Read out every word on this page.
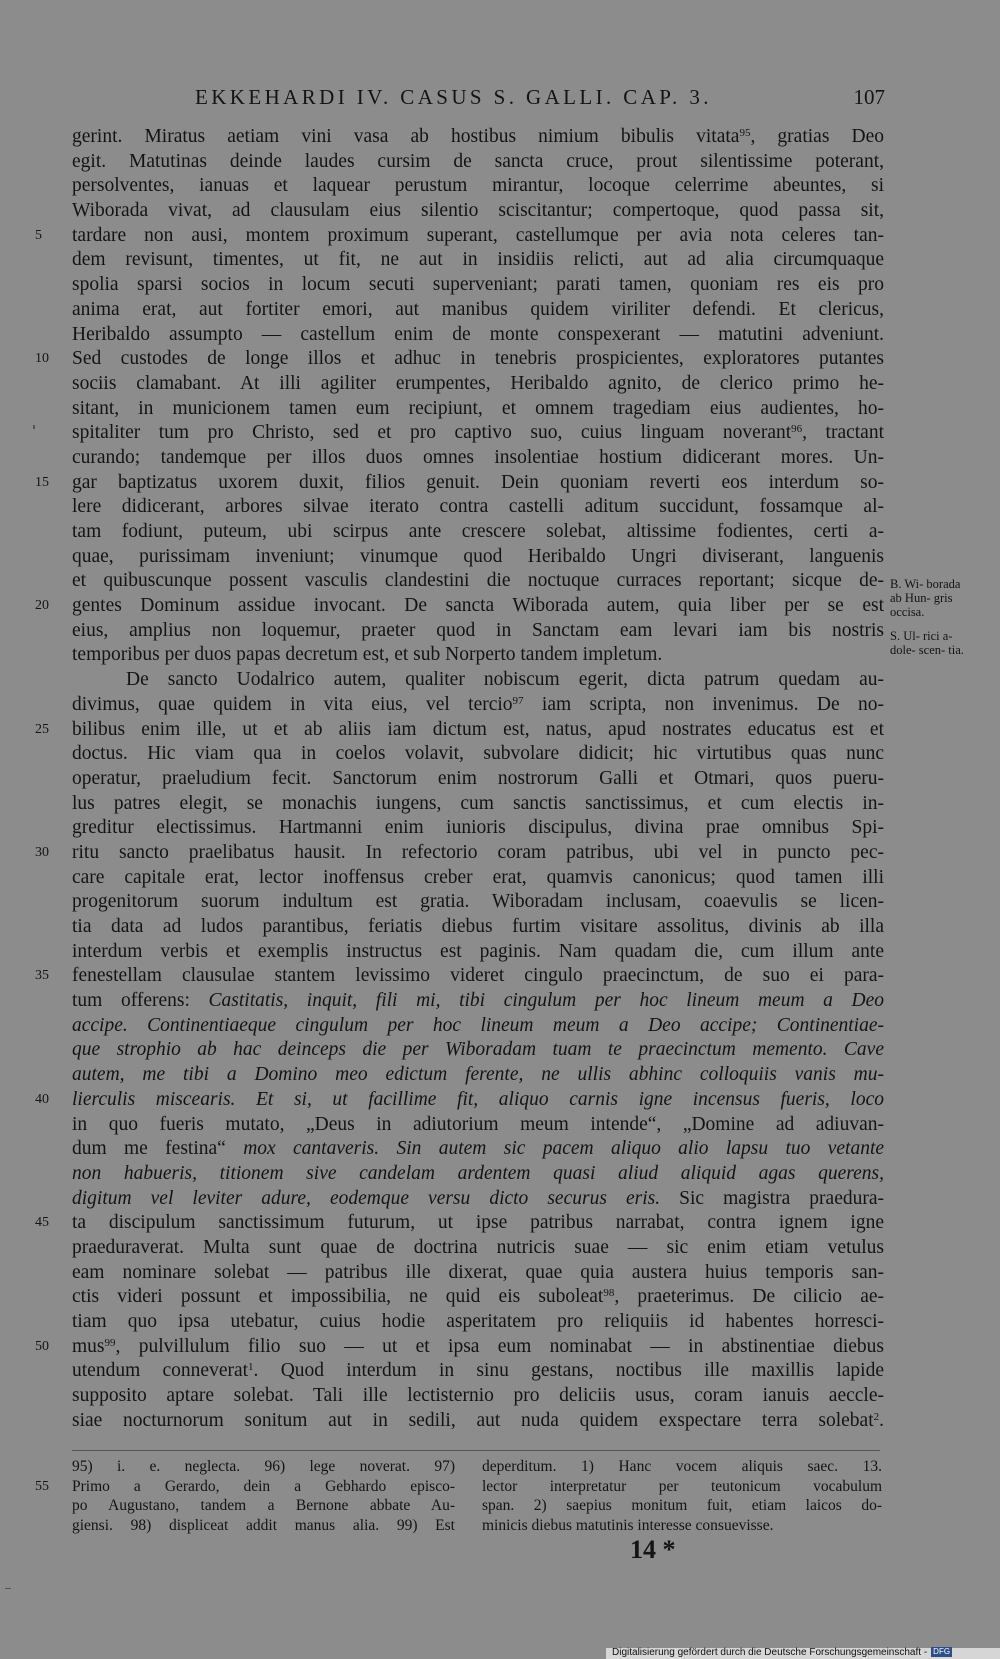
EKKEHARDI IV. CASUS S. GALLI. CAP. 3.	107
gerint. Miratus aetiam vini vasa ab hostibus nimium bibulis vitata$^{95}$, gratias Deo
egit. Matutinas deinde laudes cursim de sancta cruce, prout silentissime poterant,
persolventes, ianuas et laquear perustum mirantur, locoque celerrime abeuntes, si
Wiborada vivat, ad clausulam eius silentio sciscitantur; compertoque, quod passa sit,
5	tardare non ausi, montem proximum superant, castellumque per avia nota celeres tan-
dem revisunt, timentes, ut fit, ne aut in insidiis relicti, aut ad alia circumquaque
spolia sparsi socios in locum secuti superveniant; parati tamen, quoniam res eis pro
anima erat, aut fortiter emori, aut manibus quidem viriliter defendi. Et clericus,
Heribaldo assumpto — castellum enim de monte conspexerant — matutini adveniunt.
10	Sed custodes de longe illos et adhuc in tenebris prospicientes, exploratores putantes
sociis clamabant. At illi agiliter erumpentes, Heribaldo agnito, de clerico primo he-
sitant, in municionem tamen eum recipiunt, et omnem tragediam eius audientes, ho-
spitaliter tum pro Christo, sed et pro captivo suo, cuius linguam noverant$^{96}$, tractant
curando; tandemque per illos duos omnes insolentiae hostium didicerant mores. Un-
15	gar baptizatus uxorem duxit, filios genuit. Dein quoniam reverti eos interdum so-
lere didicerant, arbores silvae iterato contra castelli aditum succidunt, fossamque al-
tam fodiunt, puteum, ubi scirpus ante crescere solebat, altissime fodientes, certi a-
quae, purissimam inveniunt; vinumque quod Heribaldo Ungri diviserant, languenis
et quibuscunque possent vasculis clandestini die noctuque curraces reportant; sicque de-
20	gentes Dominum assidue invocant. De sancta Wiborada autem, quia liber per se est
eius, amplius non loquemur, praeter quod in Sanctam eam levari iam bis nostris
temporibus per duos papas decretum est, et sub Norperto tandem impletum.
De sancto Uodalrico autem, qualiter nobiscum egerit, dicta patrum quedam au-
divimus, quae quidem in vita eius, vel tercio$^{97}$ iam scripta, non invenimus. De no-
25	bilibus enim ille, ut et ab aliis iam dictum est, natus, apud nostrates educatus est et
doctus. Hic viam qua in coelos volavit, subvolare didicit; hic virtutibus quas nunc
operatur, praeludium fecit. Sanctorum enim nostrorum Galli et Otmari, quos pueru-
lus patres elegit, se monachis iungens, cum sanctis sanctissimus, et cum electis in-
greditur electissimus. Hartmanni enim iunioris discipulus, divina prae omnibus Spi-
30	ritu sancto praelibatus hausit. In refectorio coram patribus, ubi vel in puncto pec-
care capitale erat, lector inoffensus creber erat, quamvis canonicus; quod tamen illi
progenitorum suorum indultum est gratia. Wiboradam inclusam, coaevulis se licen-
tia data ad ludos parantibus, feriatis diebus furtim visitare assolitus, divinis ab illa
interdum verbis et exemplis instructus est paginis. Nam quadam die, cum illum ante
35	fenestellam clausulae stantem levissimo videret cingulo praecinctum, de suo ei para-
tum offerens: Castitatis, inquit, fili mi, tibi cingulum per hoc lineum meum a Deo
accipe. Continentiaeque cingulum per hoc lineum meum a Deo accipe; Continentiae-
que strophio ab hac deinceps die per Wiboradam tuam te praecinctum memento. Cave
autem, me tibi a Domino meo edictum ferente, ne ullis abhinc colloquiis vanis mu-
40	lierculis miscearis. Et si, ut facillime fit, aliquo carnis igne incensus fueris, loco
in quo fueris mutato, „Deus in adiutorium meum intende“, „Domine ad adiuvan-
dum me festina“ mox cantaveris. Sin autem sic pacem aliquo alio lapsu tuo vetante
non habueris, titionem sive candelam ardentem quasi aliud aliquid agas querens,
digitum vel leviter adure, eodemque versu dicto securus eris. Sic magistra praedura-
45	ta discipulum sanctissimum futurum, ut ipse patribus narrabat, contra ignem igne
praeduraverat. Multa sunt quae de doctrina nutricis suae — sic enim etiam vetulus
eam nominare solebat — patribus ille dixerat, quae quia austera huius temporis san-
ctis videri possunt et impossibilia, ne quid eis suboleat$^{98}$, praeterimus. De cilicio ae-
tiam quo ipsa utebatur, cuius hodie asperitatem pro reliquiis id habentes horresci-
50	mus$^{99}$, pulvillulum filio suo — ut et ipsa eum nominabat — in abstinentiae diebus
utendum conneverat$^1$. Quod interdum in sinu gestans, noctibus ille maxillis lapide
supposito aptare solebat. Tali ille lectisternio pro deliciis usus, coram ianuis aeccle-
siae nocturnorum sonitum aut in sedili, aut nuda quidem exspectare terra solebat$^2$.
B. Wi- borada ab Hun- gris occisa.
S. Ul- rici a- dole- scen- tia.
95) i. e. neglecta. 96) lege noverat. 97)
55	Primo a Gerardo, dein a Gebhardo episco-
po Augustano, tandem a Bernone abbate Au-
giensi. 98) displiceat addit manus alia. 99) Est
deperditum. 1) Hanc vocem aliquis saec. 13.
lector interpretatur per teutonicum vocabulum
span. 2) saepius monitum fuit, etiam laicos do-
minicis diebus matutinis interesse consuevisse.
14 *
Digitalisierung gefördert durch die Deutsche Forschungsgemeinschaft - DFG
